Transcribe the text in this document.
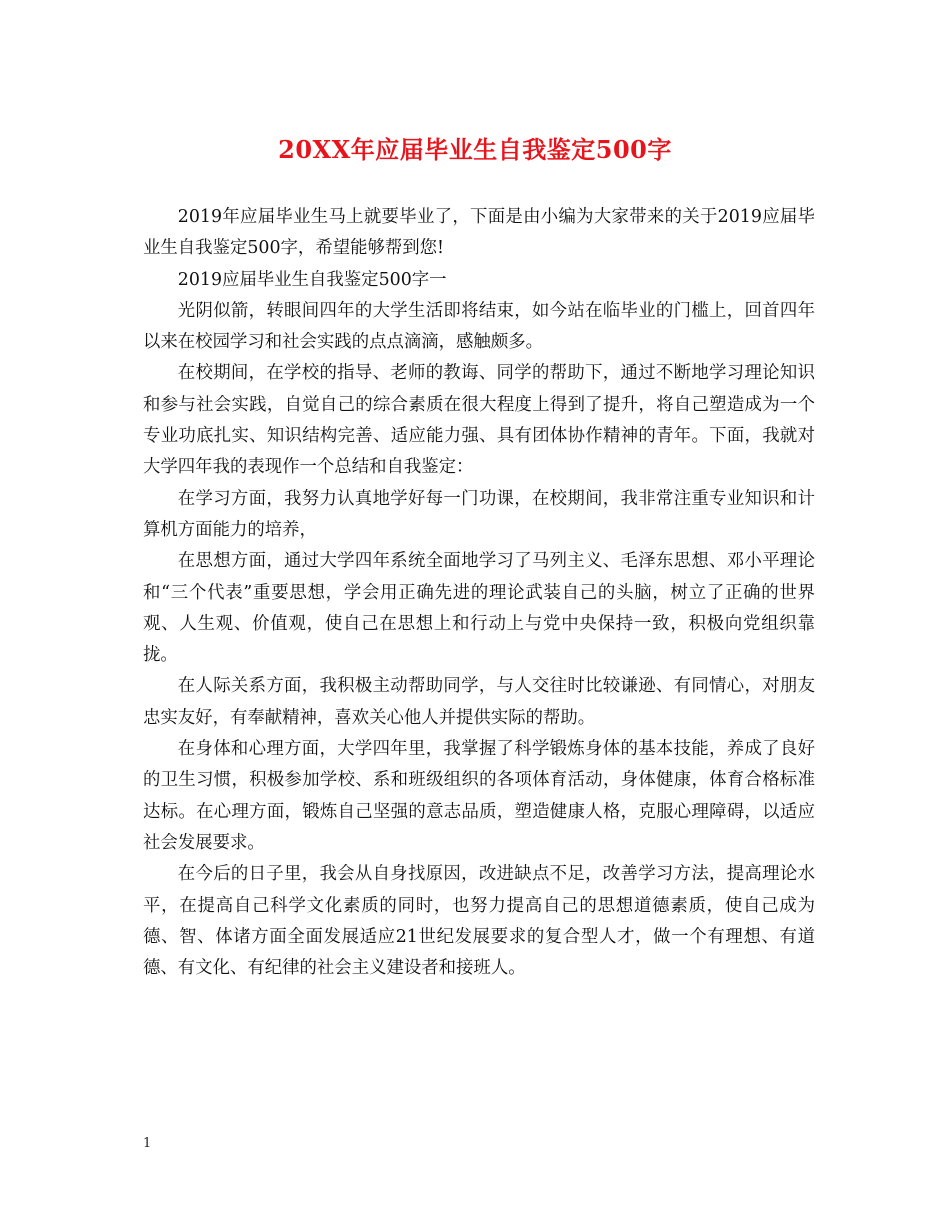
20XX年应届毕业生自我鉴定500字

2019年应届毕业生马上就要毕业了，下面是由小编为大家带来的关于2019应届毕业生自我鉴定500字，希望能够帮到您!

2019应届毕业生自我鉴定500字一

光阴似箭，转眼间四年的大学生活即将结束，如今站在临毕业的门槛上，回首四年以来在校园学习和社会实践的点点滴滴，感触颇多。

在校期间，在学校的指导、老师的教诲、同学的帮助下，通过不断地学习理论知识和参与社会实践，自觉自己的综合素质在很大程度上得到了提升，将自己塑造成为一个专业功底扎实、知识结构完善、适应能力强、具有团体协作精神的青年。下面，我就对大学四年我的表现作一个总结和自我鉴定：

在学习方面，我努力认真地学好每一门功课，在校期间，我非常注重专业知识和计算机方面能力的培养，

在思想方面，通过大学四年系统全面地学习了马列主义、毛泽东思想、邓小平理论和“三个代表”重要思想，学会用正确先进的理论武装自己的头脑，树立了正确的世界观、人生观、价值观，使自己在思想上和行动上与党中央保持一致，积极向党组织靠拢。

在人际关系方面，我积极主动帮助同学，与人交往时比较谦逊、有同情心，对朋友忠实友好，有奉献精神，喜欢关心他人并提供实际的帮助。

在身体和心理方面，大学四年里，我掌握了科学锻炼身体的基本技能，养成了良好的卫生习惯，积极参加学校、系和班级组织的各项体育活动，身体健康，体育合格标准达标。在心理方面，锻炼自己坚强的意志品质，塑造健康人格，克服心理障碍，以适应社会发展要求。

在今后的日子里，我会从自身找原因，改进缺点不足，改善学习方法，提高理论水平，在提高自己科学文化素质的同时，也努力提高自己的思想道德素质，使自己成为德、智、体诸方面全面发展适应21世纪发展要求的复合型人才，做一个有理想、有道德、有文化、有纪律的社会主义建设者和接班人。

1
